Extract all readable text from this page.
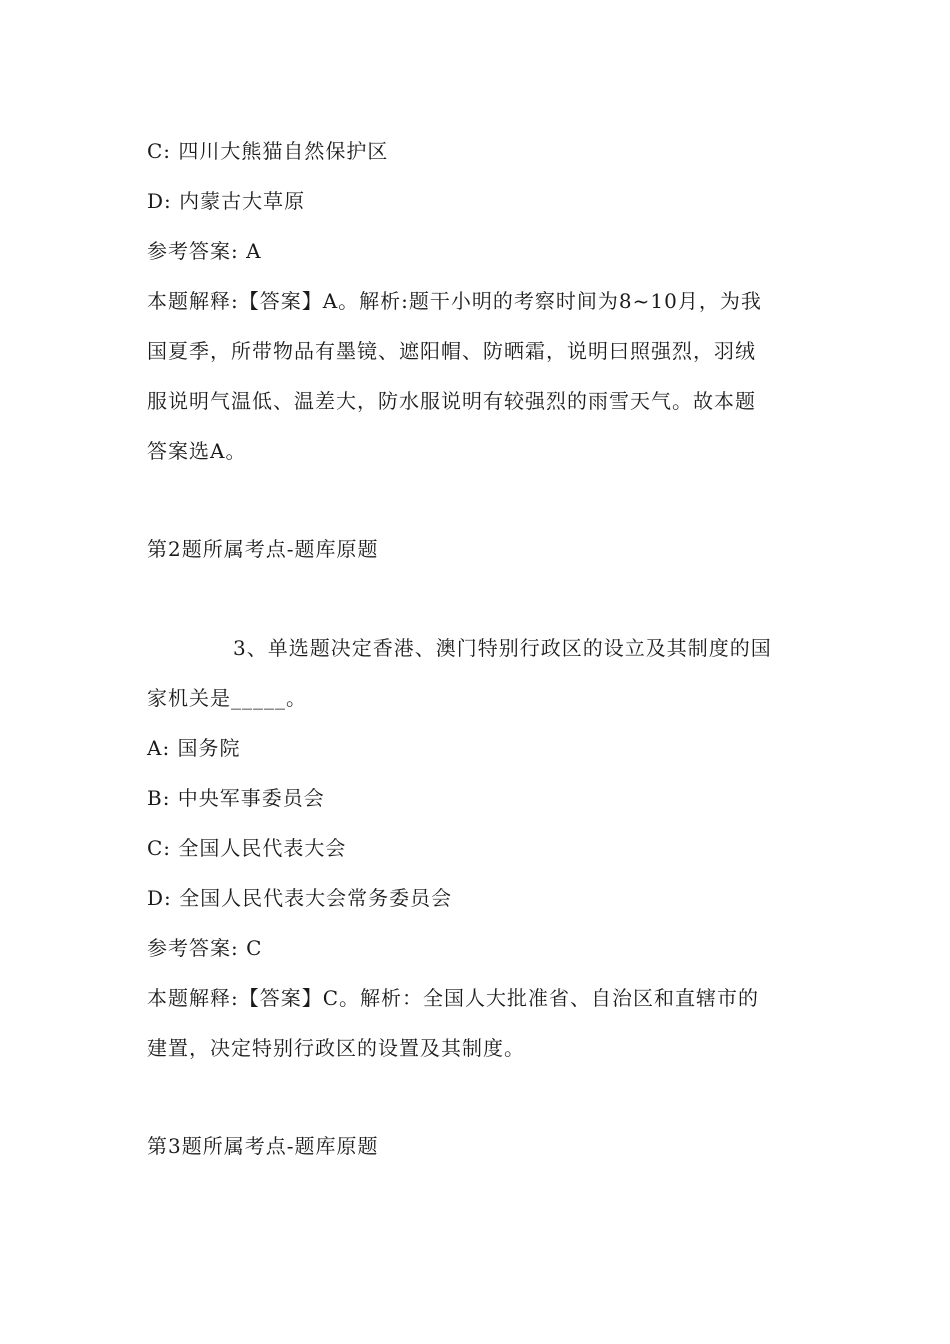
C: 四川大熊猫自然保护区
D: 内蒙古大草原
参考答案: A
本题解释:【答案】A。解析:题干小明的考察时间为8~10月，为我
国夏季，所带物品有墨镜、遮阳帽、防晒霜，说明曰照强烈，羽绒
服说明气温低、温差大，防水服说明有较强烈的雨雪天气。故本题
答案选A。
第2题所属考点-题库原题
3、单选题决定香港、澳门特别行政区的设立及其制度的国
家机关是_____。
A: 国务院
B: 中央军事委员会
C: 全国人民代表大会
D: 全国人民代表大会常务委员会
参考答案: C
本题解释:【答案】C。解析：全国人大批准省、自治区和直辖市的
建置，决定特别行政区的设置及其制度。
第3题所属考点-题库原题
